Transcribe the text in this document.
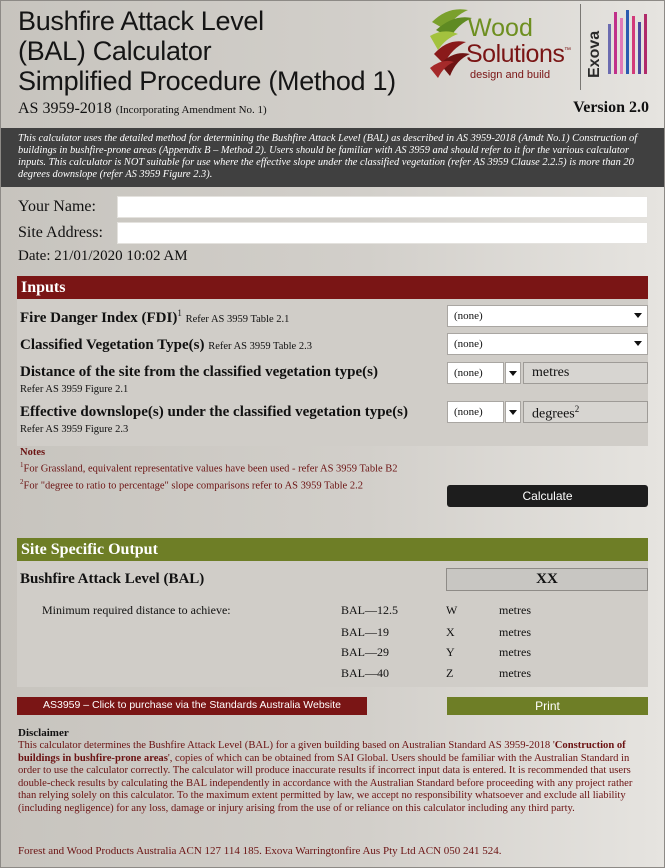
Bushfire Attack Level
(BAL) Calculator
Simplified Procedure (Method 1)
Wood
Solutions ™
design and build Exova
AS 3959-2018 (Incorporating Amendment No. 1)	Version 2.0
This calculator uses the detailed method for determining the Bushfire Attack Level (BAL) as described in AS 3959-2018 (Amdt No.1) Construction of buildings in bushfire-prone areas (Appendix B – Method 2). Users should be familiar with AS 3959 and should refer to it for the various calculator inputs. This calculator is NOT suitable for use where the effective slope under the classified vegetation (refer AS 3959 Clause 2.2.5) is more than 20 degrees downslope (refer AS 3959 Figure 2.3).
Your Name:
Site Address:
Date: 21/01/2020 10:02 AM
Inputs
Fire Danger Index (FDI)$^1$ Refer AS 3959 Table 2.1	(none)
Classified Vegetation Type(s) Refer AS 3959 Table 2.3	(none)
Distance of the site from the classified vegetation type(s)
Refer AS 3959 Figure 2.1
(none)	metres
Effective downslope(s) under the classified vegetation type(s)
Refer AS 3959 Figure 2.3
(none)	degrees$^2$
Notes
$^1$For Grassland, equivalent representative values have been used - refer AS 3959 Table B2
$^2$For "degree to ratio to percentage" slope comparisons refer to AS 3959 Table 2.2
Calculate
Site Specific Output
Bushfire Attack Level (BAL)	XX
Minimum required distance to achieve:	BAL—12.5	W	metres
BAL—19	X	metres
BAL—29	Y	metres
BAL—40	Z	metres
AS3959 – Click to purchase via the Standards Australia Website	Print
Disclaimer
This calculator determines the Bushfire Attack Level (BAL) for a given building based on Australian Standard AS 3959-2018 'Construction of buildings in bushfire-prone areas', copies of which can be obtained from SAI Global. Users should be familiar with the Australian Standard in order to use the calculator correctly. The calculator will produce inaccurate results if incorrect input data is entered. It is recommended that users double-check results by calculating the BAL independently in accordance with the Australian Standard before proceeding with any project rather than relying solely on this calculator. To the maximum extent permitted by law, we accept no responsibility whatsoever and exclude all liability (including negligence) for any loss, damage or injury arising from the use of or reliance on this calculator including any third party.
Forest and Wood Products Australia ACN 127 114 185. Exova Warringtonfire Aus Pty Ltd ACN 050 241 524.
